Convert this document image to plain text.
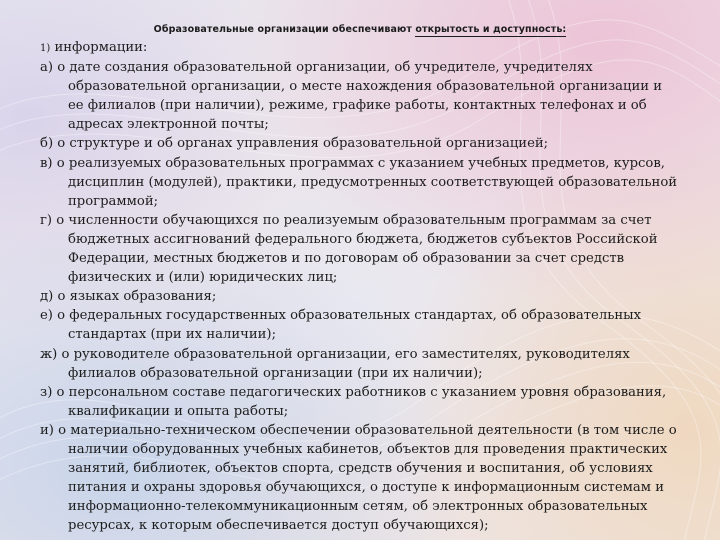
Образовательные организации обеспечивают открытость и доступность:

1) информации:

а) о дате создания образовательной организации, об учредителе, учредителях образовательной организации, о месте нахождения образовательной организации и ее филиалов (при наличии), режиме, графике работы, контактных телефонах и об адресах электронной почты;

б) о структуре и об органах управления образовательной организацией;

в) о реализуемых образовательных программах с указанием учебных предметов, курсов, дисциплин (модулей), практики, предусмотренных соответствующей образовательной программой;

г) о численности обучающихся по реализуемым образовательным программам за счет бюджетных ассигнований федерального бюджета, бюджетов субъектов Российской Федерации, местных бюджетов и по договорам об образовании за счет средств физических и (или) юридических лиц;

д) о языках образования;

е) о федеральных государственных образовательных стандартах, об образовательных стандартах (при их наличии);

ж) о руководителе образовательной организации, его заместителях, руководителях филиалов образовательной организации (при их наличии);

з) о персональном составе педагогических работников с указанием уровня образования, квалификации и опыта работы;

и) о материально-техническом обеспечении образовательной деятельности (в том числе о наличии оборудованных учебных кабинетов, объектов для проведения практических занятий, библиотек, объектов спорта, средств обучения и воспитания, об условиях питания и охраны здоровья обучающихся, о доступе к информационным системам и информационно-телекоммуникационным сетям, об электронных образовательных ресурсах, к которым обеспечивается доступ обучающихся);
